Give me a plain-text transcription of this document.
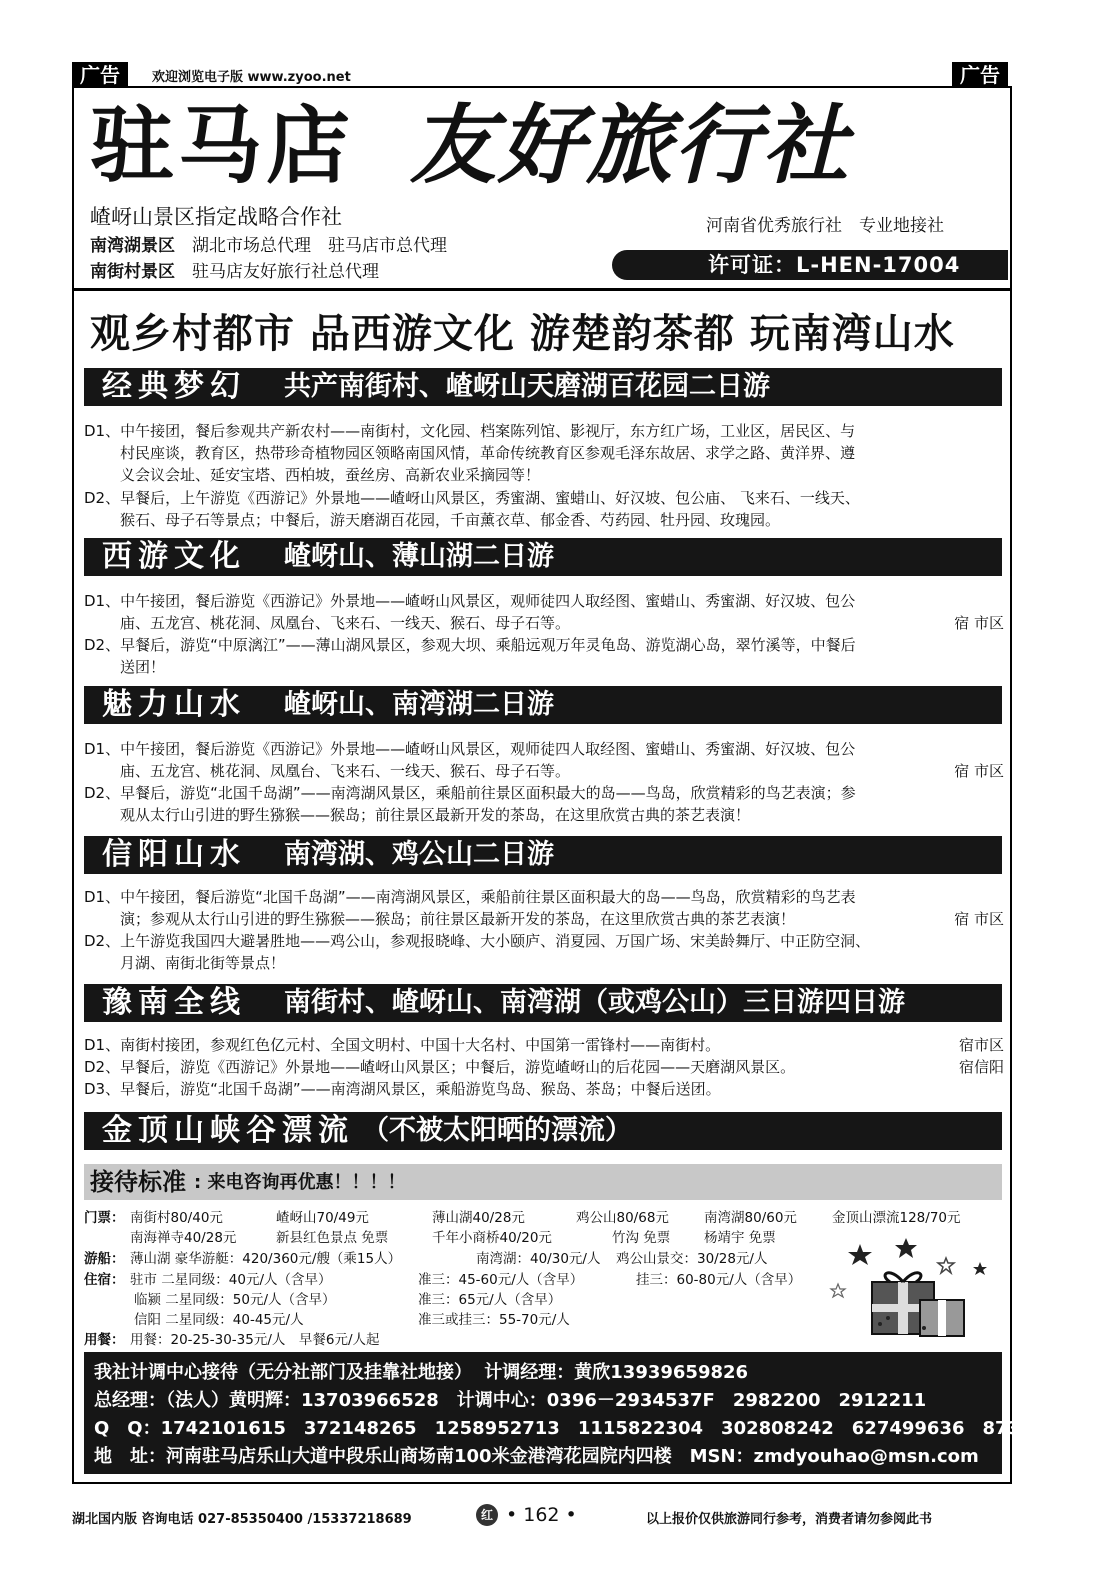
广告	欢迎浏览电子版 www.zyoo.net	广告
驻马店 友好旅行社
嵖岈山景区指定战略合作社
南湾湖景区　 湖北市场总代理　驻马店市总代理
南街村景区　 驻马店友好旅行社总代理
河南省优秀旅行社　专业地接社
许可证：L-HEN-17004
观乡村都市 品西游文化 游楚韵茶都 玩南湾山水
经典梦幻 共产南街村、嵖岈山天磨湖百花园二日游
D1、中午接团，餐后参观共产新农村——南街村，文化园、档案陈列馆、影视厅，东方红广场，工业区，居民区、与
村民座谈，教育区，热带珍奇植物园区领略南国风情，革命传统教育区参观毛泽东故居、求学之路、黄洋界、遵
义会议会址、延安宝塔、西柏坡，蚕丝房、高新农业采摘园等！
D2、早餐后，上午游览《西游记》外景地——嵖岈山风景区，秀蜜湖、蜜蜡山、好汉坡、包公庙、 飞来石、一线天、
猴石、母子石等景点；中餐后，游天磨湖百花园，千亩薰衣草、郁金香、芍药园、牡丹园、玫瑰园。
西游文化 嵖岈山、薄山湖二日游
D1、中午接团，餐后游览《西游记》外景地——嵖岈山风景区，观师徒四人取经图、蜜蜡山、秀蜜湖、好汉坡、包公
庙、五龙宫、桃花洞、凤凰台、飞来石、一线天、猴石、母子石等。	宿 市区
D2、早餐后，游览“中原漓江”——薄山湖风景区，参观大坝、乘船远观万年灵龟岛、游览湖心岛，翠竹溪等，中餐后
送团！
魅力山水 嵖岈山、南湾湖二日游
D1、中午接团，餐后游览《西游记》外景地——嵖岈山风景区，观师徒四人取经图、蜜蜡山、秀蜜湖、好汉坡、包公
庙、五龙宫、桃花洞、凤凰台、飞来石、一线天、猴石、母子石等。	宿 市区
D2、早餐后，游览“北国千岛湖”——南湾湖风景区，乘船前往景区面积最大的岛——鸟岛，欣赏精彩的鸟艺表演；参
观从太行山引进的野生猕猴——猴岛；前往景区最新开发的茶岛，在这里欣赏古典的茶艺表演！
信阳山水 南湾湖、鸡公山二日游
D1、中午接团，餐后游览“北国千岛湖”——南湾湖风景区，乘船前往景区面积最大的岛——鸟岛，欣赏精彩的鸟艺表
演；参观从太行山引进的野生猕猴——猴岛；前往景区最新开发的茶岛，在这里欣赏古典的茶艺表演！	宿 市区
D2、上午游览我国四大避暑胜地——鸡公山，参观报晓峰、大小颐庐、消夏园、万国广场、宋美龄舞厅、中正防空洞、
月湖、南街北街等景点！
豫南全线 南街村、嵖岈山、南湾湖（或鸡公山）三日游四日游
D1、南街村接团，参观红色亿元村、全国文明村、中国十大名村、中国第一雷锋村——南街村。	宿市区
D2、早餐后，游览《西游记》外景地——嵖岈山风景区；中餐后，游览嵖岈山的后花园——天磨湖风景区。	宿信阳
D3、早餐后，游览“北国千岛湖”——南湾湖风景区，乘船游览鸟岛、猴岛、茶岛；中餐后送团。
金顶山峡谷漂流 （不被太阳晒的漂流）
接待标准 : 来电咨询再优惠！！！！
门票： 南街村80/40元	嵖岈山70/49元	薄山湖40/28元	鸡公山80/68元	南湾湖80/60元	金顶山漂流128/70元
南海禅寺40/28元	新县红色景点 免票	千年小商桥40/20元	竹沟 免票 杨靖宇 免票
游船： 薄山湖 豪华游艇：420/360元/艘（乘15人）	南湾湖：40/30元/人 鸡公山景交：30/28元/人
住宿： 驻市 二星同级：40元/人（含早）	准三：45-60元/人（含早）	挂三：60-80元/人（含早）
临颍 二星同级：50元/人（含早）	准三：65元/人（含早）
信阳 二星同级：40-45元/人	准三或挂三：55-70元/人
用餐： 用餐：20-25-30-35元/人　早餐6元/人起
我社计调中心接待（无分社部门及挂靠社地接） 计调经理：黄欣13939659826
总经理：（法人）黄明辉：13703966528　计调中心：0396－2934537F　2982200　2912211
Q　Q：1742101615　372148265　1258952713　1115822304　302808242　627499636　873550279
地　址：河南驻马店乐山大道中段乐山商场南100米金港湾花园院内四楼　MSN：zmdyouhao@msn.com
湖北国内版 咨询电话 027-85350400 /15337218689	红 • 162 •	以上报价仅供旅游同行参考，消费者请勿参阅此书
